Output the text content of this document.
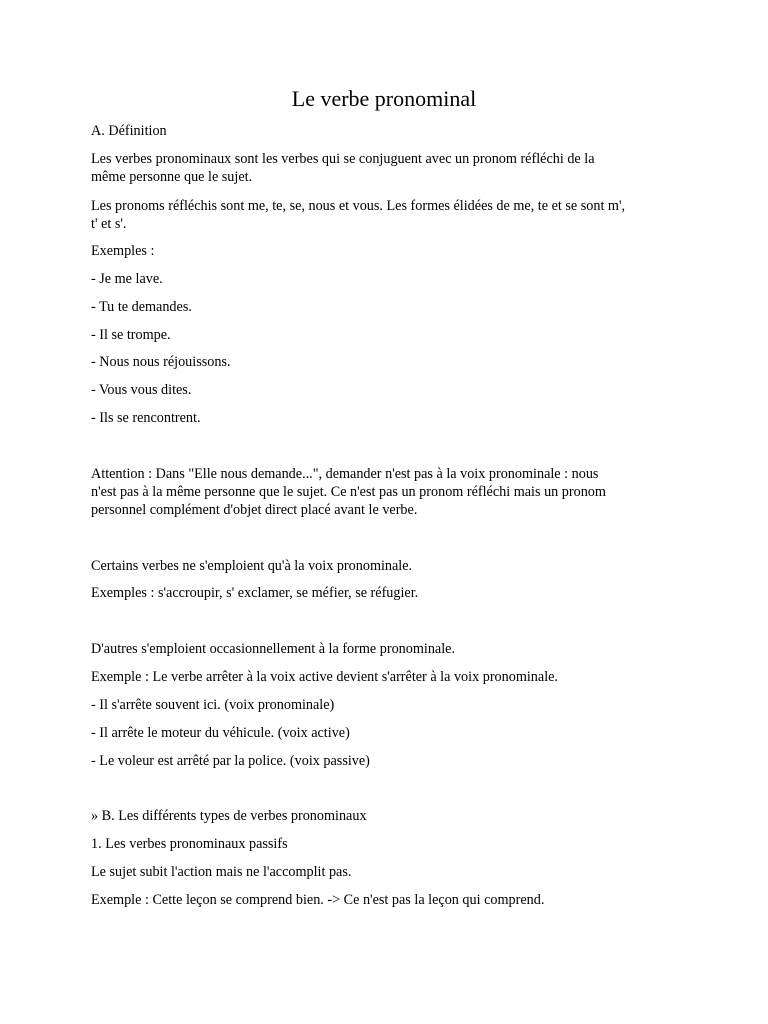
Le verbe pronominal

A. Définition

Les verbes pronominaux sont les verbes qui se conjuguent avec un pronom réfléchi de la
même personne que le sujet.

Les pronoms réfléchis sont me, te, se, nous et vous. Les formes élidées de me, te et se sont m',
t' et s'.

Exemples :

- Je me lave.

- Tu te demandes.

- Il se trompe.

- Nous nous réjouissons.

- Vous vous dites.

- Ils se rencontrent.

Attention : Dans "Elle nous demande...", demander n'est pas à la voix pronominale : nous
n'est pas à la même personne que le sujet. Ce n'est pas un pronom réfléchi mais un pronom
personnel complément d'objet direct placé avant le verbe.

Certains verbes ne s'emploient qu'à la voix pronominale.

Exemples : s'accroupir, s' exclamer, se méfier, se réfugier.

D'autres s'emploient occasionnellement à la forme pronominale.

Exemple : Le verbe arrêter à la voix active devient s'arrêter à la voix pronominale.

- Il s'arrête souvent ici. (voix pronominale)

- Il arrête le moteur du véhicule. (voix active)

- Le voleur est arrêté par la police. (voix passive)

» B. Les différents types de verbes pronominaux

1. Les verbes pronominaux passifs

Le sujet subit l'action mais ne l'accomplit pas.

Exemple : Cette leçon se comprend bien. -> Ce n'est pas la leçon qui comprend.
